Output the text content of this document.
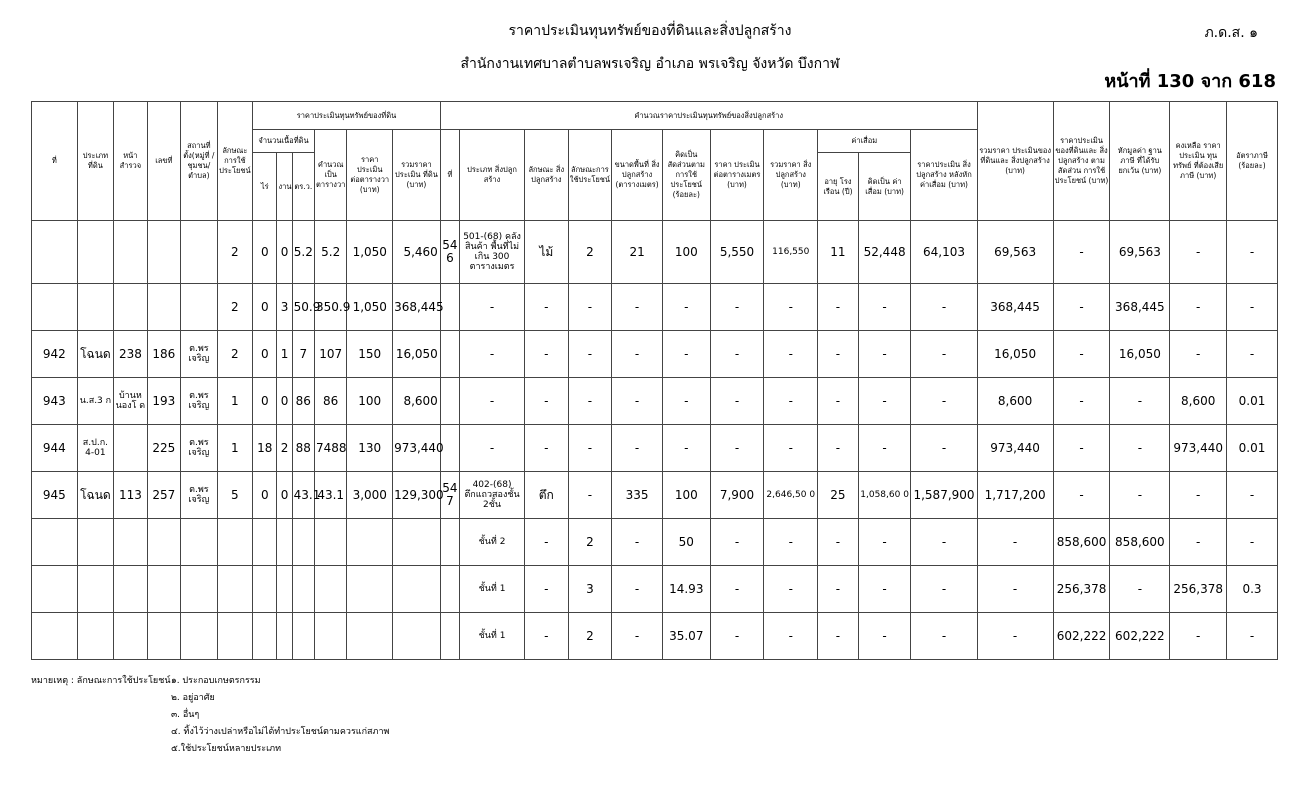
ราคาประเมินทุนทรัพย์ของที่ดินและสิ่งปลูกสร้าง	ภ.ด.ส. ๑
สำนักงานเทศบาลตำบลพรเจริญ อำเภอ พรเจริญ จังหวัด บึงกาฬ
หน้าที่ 130 จาก 618
ที่	ประเภท ที่ดิน	หน้า สำรวจ	เลขที่	สถานที่ ตั้ง(หมู่ที่ /ชุมชน/ ตำบล)	ลักษณะ การใช้ ประโยชน์	ราคาประเมินทุนทรัพย์ของที่ดิน						คำนวณราคาประเมินทุนทรัพย์ของสิ่งปลูกสร้าง											รวมราคา ประเมินของ ที่ดินและ สิ่งปลูกสร้าง (บาท)	ราคาประเมิน ของที่ดินและ สิ่งปลูกสร้าง ตามสัดส่วน การใช้ประโยชน์ (บาท)	หักมูลค่า ฐานภาษี ที่ได้รับ ยกเว้น (บาท)	คงเหลือ ราคาประเมิน ทุนทรัพย์ ที่ต้องเสียภาษี (บาท)	อัตราภาษี (ร้อยละ)
						จำนวนเนื้อที่ดิน			คำนวณ เป็น ตารางวา	ราคา ประเมิน ต่อตารางวา (บาท)	รวมราคา ประเมิน ที่ดิน (บาท)	ที่	ประเภท สิ่งปลูกสร้าง	ลักษณะ สิ่งปลูกสร้าง	ลักษณะการ ใช้ประโยชน์	ขนาดพื้นที่ สิ่งปลูกสร้าง (ตารางเมตร)	คิดเป็น สัดส่วนตาม การใช้ ประโยชน์ (ร้อยละ)	ราคา ประเมิน ต่อตารางเมตร (บาท)	รวมราคา สิ่งปลูกสร้าง (บาท)	ค่าเสื่อม		ราคาประเมิน สิ่งปลูกสร้าง หลังหัก ค่าเสื่อม (บาท)					
						ไร่	งาน	ตร.ว.												อายุ โรงเรือน (ปี)	คิดเป็น ค่าเสื่อม (บาท)						
					2	0	0	5.2	5.2	1,050	5,460	54 6	501-(68) คลังสินค้า พื้นที่ไม่เกิน 300 ตารางเมตร	ไม้	2	21	100	5,550	116,550	11	52,448	64,103	69,563	-	69,563	-	-
					2	0	3	50.9	350.9	1,050	368,445		-	-	-	-	-	-	-	-	-	-	368,445	-	368,445	-	-
942	โฉนด	238	186	ต.พร เจริญ	2	0	1	7	107	150	16,050		-	-	-	-	-	-	-	-	-	-	16,050	-	16,050	-	-
943	น.ส.3 ก	บ้านห นองโ ด	193	ต.พร เจริญ	1	0	0	86	86	100	8,600		-	-	-	-	-	-	-	-	-	-	8,600	-	-	8,600	0.01
944	ส.ป.ก. 4-01		225	ต.พร เจริญ	1	18	2	88	7488	130	973,440		-	-	-	-	-	-	-	-	-	-	973,440	-	-	973,440	0.01
945	โฉนด	113	257	ต.พร เจริญ	5	0	0	43.1	43.1	3,000	129,300	54 7	402-(68) ตึกแถวสองชั้น 2ชั้น	ตึก	-	335	100	7,900	2,646,50 0	25	1,058,60 0	1,587,900	1,717,200	-	-	-	-
													ชั้นที่ 2	-	2	-	50	-	-	-	-	-	-	858,600	858,600	-	-
													ชั้นที่ 1	-	3	-	14.93	-	-	-	-	-	-	256,378	-	256,378	0.3
													ชั้นที่ 1	-	2	-	35.07	-	-	-	-	-	-	602,222	602,222	-	-
หมายเหตุ : ลักษณะการใช้ประโยชน์ ๑. ประกอบเกษตรกรรม
๒. อยู่อาศัย
๓. อื่นๆ
๔. ทิ้งไว้ว่างเปล่าหรือไม่ได้ทำประโยชน์ตามควรแก่สภาพ
๕.ใช้ประโยชน์หลายประเภท
